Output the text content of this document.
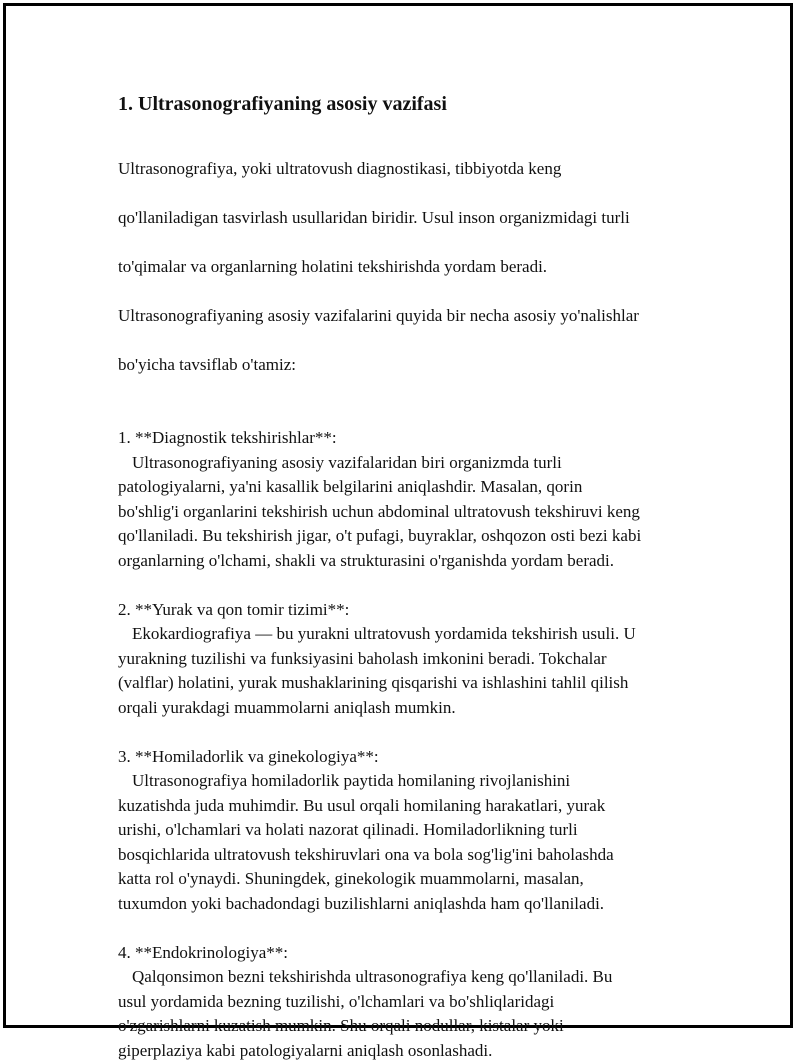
1. Ultrasonografiyaning asosiy vazifasi

Ultrasonografiya, yoki ultratovush diagnostikasi, tibbiyotda keng

qo'llaniladigan tasvirlash usullaridan biridir. Usul inson organizmidagi turli

to'qimalar va organlarning holatini tekshirishda yordam beradi.

Ultrasonografiyaning asosiy vazifalarini quyida bir necha asosiy yo'nalishlar

bo'yicha tavsiflab o'tamiz:

1. **Diagnostik tekshirishlar**:
Ultrasonografiyaning asosiy vazifalaridan biri organizmda turli
patologiyalarni, ya'ni kasallik belgilarini aniqlashdir. Masalan, qorin
bo'shlig'i organlarini tekshirish uchun abdominal ultratovush tekshiruvi keng
qo'llaniladi. Bu tekshirish jigar, o't pufagi, buyraklar, oshqozon osti bezi kabi
organlarning o'lchami, shakli va strukturasini o'rganishda yordam beradi.
2. **Yurak va qon tomir tizimi**:
Ekokardiografiya — bu yurakni ultratovush yordamida tekshirish usuli. U
yurakning tuzilishi va funksiyasini baholash imkonini beradi. Tokchalar
(valflar) holatini, yurak mushaklarining qisqarishi va ishlashini tahlil qilish
orqali yurakdagi muammolarni aniqlash mumkin.
3. **Homiladorlik va ginekologiya**:
Ultrasonografiya homiladorlik paytida homilaning rivojlanishini
kuzatishda juda muhimdir. Bu usul orqali homilaning harakatlari, yurak
urishi, o'lchamlari va holati nazorat qilinadi. Homiladorlikning turli
bosqichlarida ultratovush tekshiruvlari ona va bola sog'lig'ini baholashda
katta rol o'ynaydi. Shuningdek, ginekologik muammolarni, masalan,
tuxumdon yoki bachadondagi buzilishlarni aniqlashda ham qo'llaniladi.
4. **Endokrinologiya**:
Qalqonsimon bezni tekshirishda ultrasonografiya keng qo'llaniladi. Bu
usul yordamida bezning tuzilishi, o'lchamlari va bo'shliqlaridagi
o'zgarishlarni kuzatish mumkin. Shu orqali nodullar, kistalar yoki
giperplaziya kabi patologiyalarni aniqlash osonlashadi.
